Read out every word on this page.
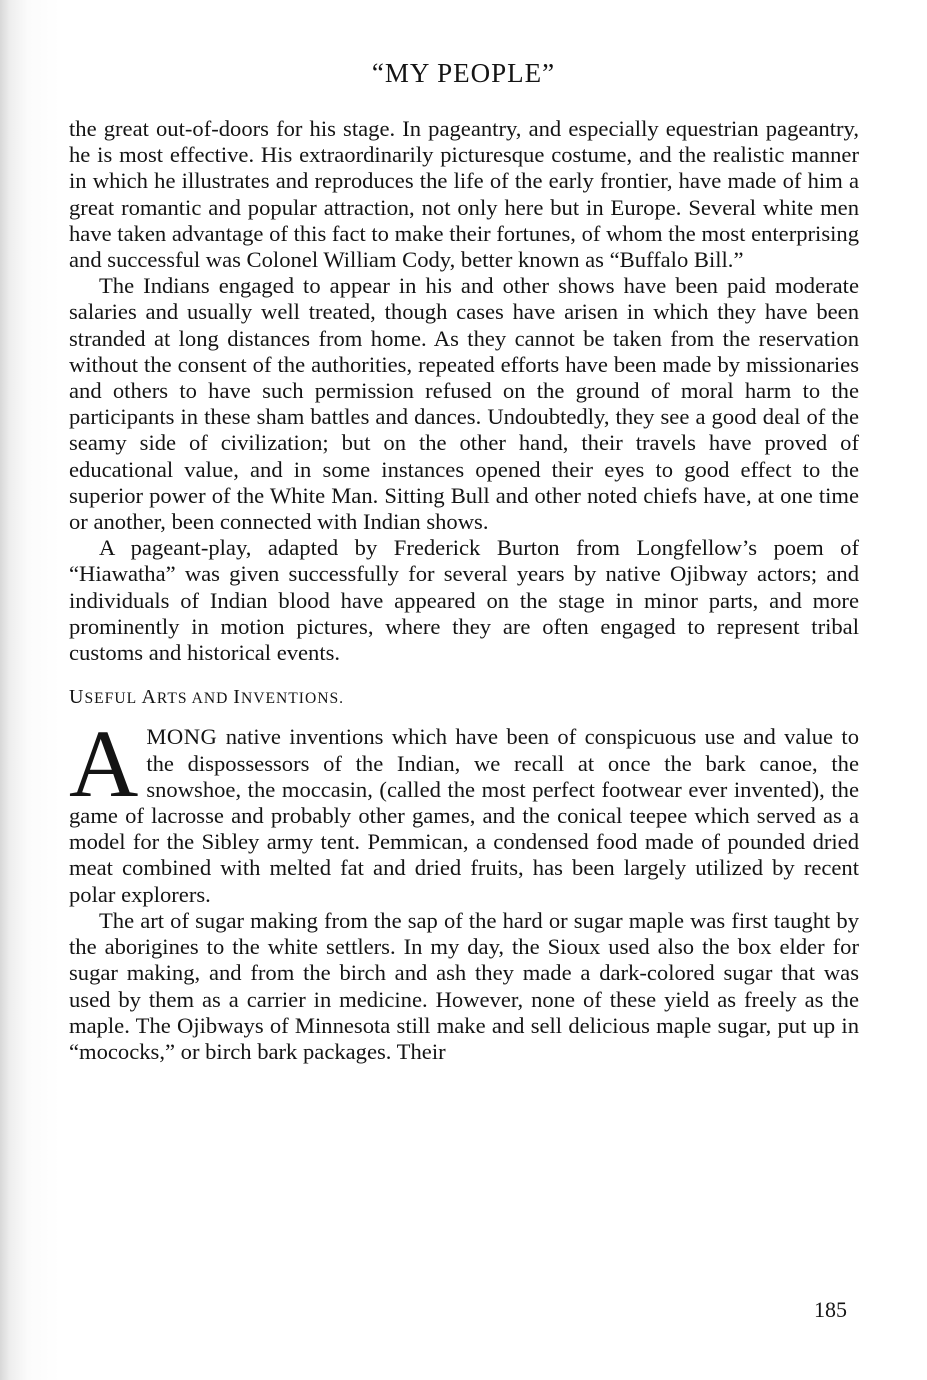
“MY PEOPLE”

the great out-of-doors for his stage. In pageantry, and especially equestrian pageantry, he is most effective. His extraordinarily picturesque costume, and the realistic manner in which he illustrates and reproduces the life of the early frontier, have made of him a great romantic and popular attraction, not only here but in Europe. Several white men have taken advantage of this fact to make their fortunes, of whom the most enterprising and successful was Colonel William Cody, better known as “Buffalo Bill.”

The Indians engaged to appear in his and other shows have been paid moderate salaries and usually well treated, though cases have arisen in which they have been stranded at long distances from home. As they cannot be taken from the reservation without the consent of the authorities, repeated efforts have been made by missionaries and others to have such permission refused on the ground of moral harm to the participants in these sham battles and dances. Undoubtedly, they see a good deal of the seamy side of civilization; but on the other hand, their travels have proved of educational value, and in some instances opened their eyes to good effect to the superior power of the White Man. Sitting Bull and other noted chiefs have, at one time or another, been connected with Indian shows.

A pageant-play, adapted by Frederick Burton from Longfellow’s poem of “Hiawatha” was given successfully for several years by native Ojibway actors; and individuals of Indian blood have appeared on the stage in minor parts, and more prominently in motion pictures, where they are often engaged to represent tribal customs and historical events.

USEFUL ARTS AND INVENTIONS.

AMONG native inventions which have been of conspicuous use and value to the dispossessors of the Indian, we recall at once the bark canoe, the snowshoe, the moccasin, (called the most perfect footwear ever invented), the game of lacrosse and probably other games, and the conical teepee which served as a model for the Sibley army tent. Pemmican, a condensed food made of pounded dried meat combined with melted fat and dried fruits, has been largely utilized by recent polar explorers.

The art of sugar making from the sap of the hard or sugar maple was first taught by the aborigines to the white settlers. In my day, the Sioux used also the box elder for sugar making, and from the birch and ash they made a dark-colored sugar that was used by them as a carrier in medicine. However, none of these yield as freely as the maple. The Ojibways of Minnesota still make and sell delicious maple sugar, put up in “mococks,” or birch bark packages. Their

185
